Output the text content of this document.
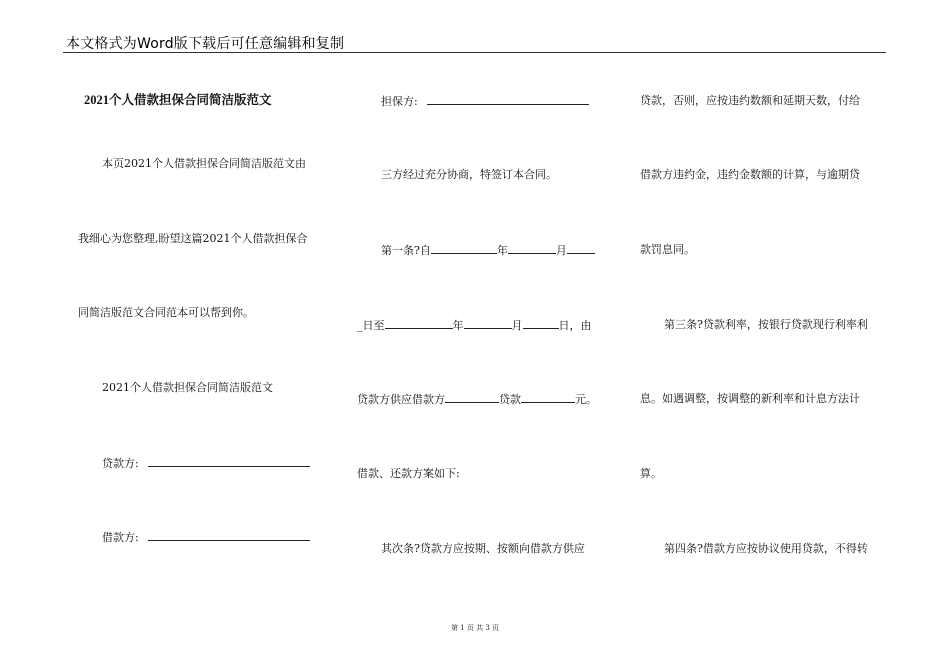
本文格式为Word版下载后可任意编辑和复制
2021个人借款担保合同简洁版范文
本页2021个人借款担保合同简洁版范文由
我细心为您整理,盼望这篇2021个人借款担保合
同简洁版范文合同范本可以帮到你。
2021个人借款担保合同简洁版范文
贷款方:
借款方:
担保方:
三方经过充分协商，特签订本合同。
第一条?自	年	月
_日至	年	月	日，由
贷款方供应借款方	贷款	元。
借款、还款方案如下:
其次条?贷款方应按期、按额向借款方供应
贷款，否则，应按违约数额和延期天数，付给
借款方违约金，违约金数额的计算，与逾期贷
款罚息同。
第三条?贷款利率，按银行贷款现行利率利
息。如遇调整，按调整的新利率和计息方法计
算。
第四条?借款方应按协议使用贷款，不得转
第 1 页 共 3 页
